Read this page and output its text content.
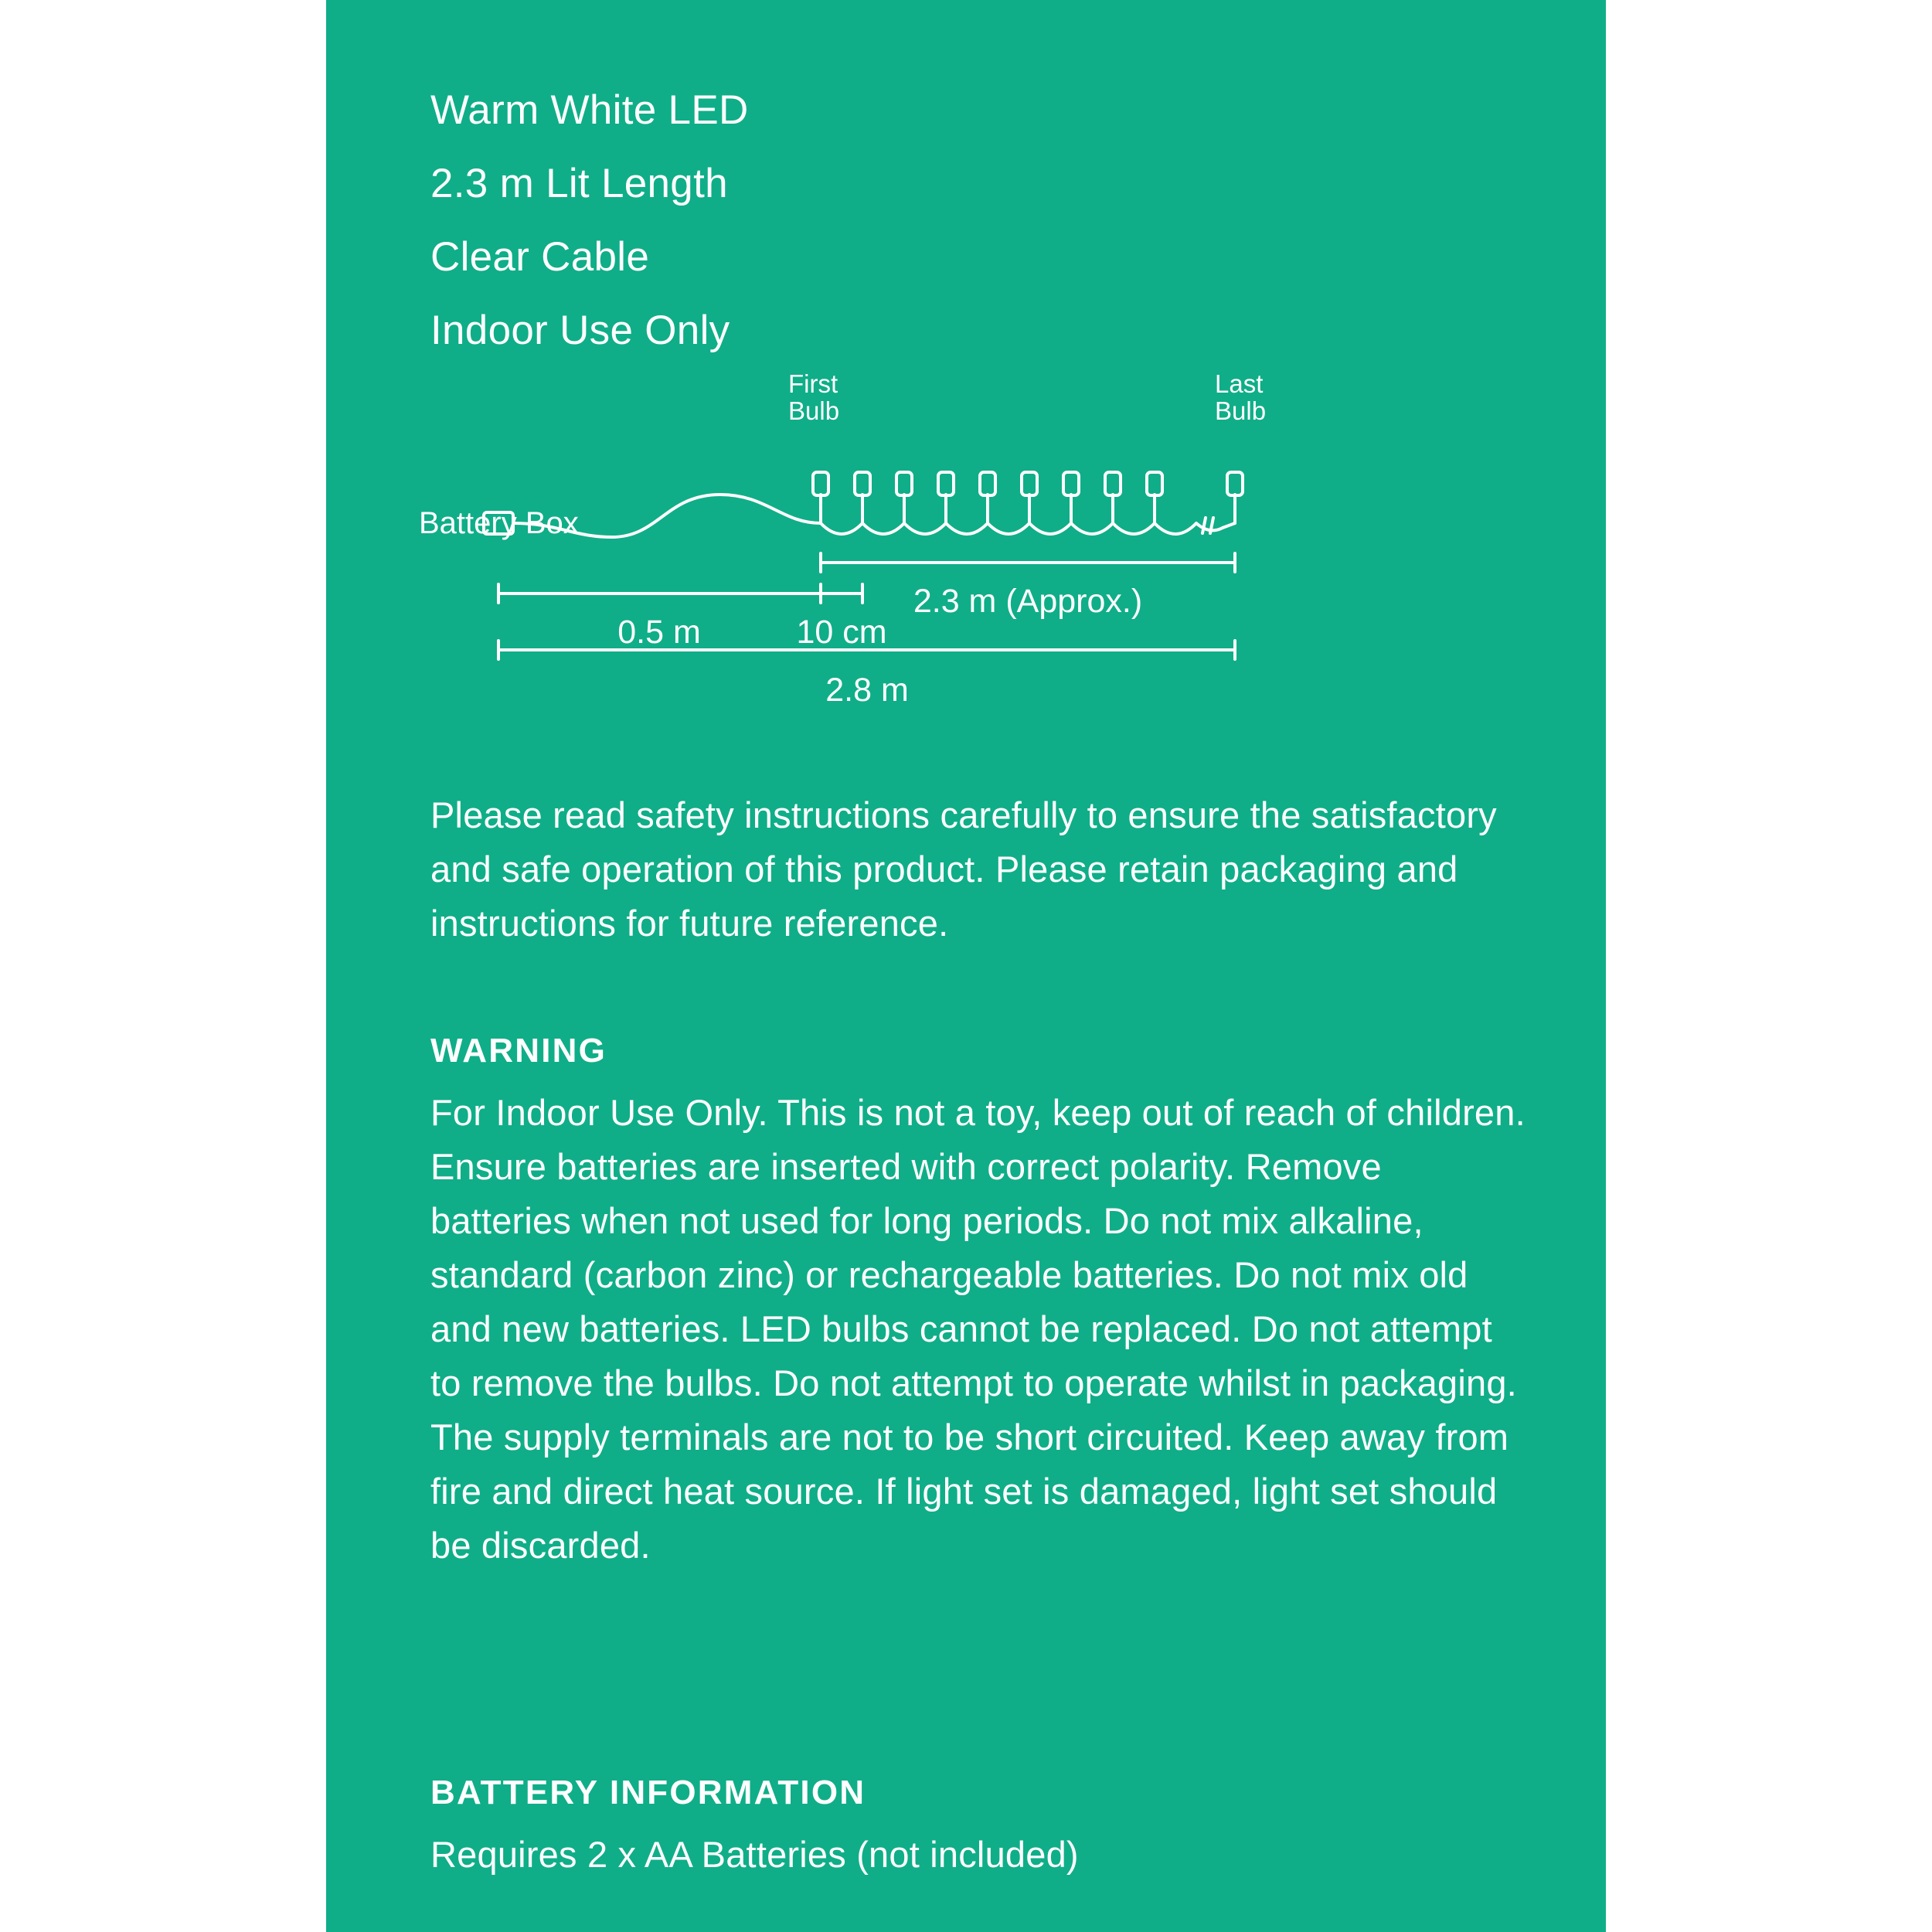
Warm White LED
2.3 m Lit Length
Clear Cable
Indoor Use Only
Battery Box
First
Bulb
Last
Bulb
2.3 m (Approx.)
0.5 m	10 cm
2.8 m
Please read safety instructions carefully to ensure the satisfactory and safe operation of this product. Please retain packaging and instructions for future reference.
WARNING
For Indoor Use Only. This is not a toy, keep out of reach of children. Ensure batteries are inserted with correct polarity. Remove batteries when not used for long periods. Do not mix alkaline, standard (carbon zinc) or rechargeable batteries. Do not mix old and new batteries. LED bulbs cannot be replaced. Do not attempt to remove the bulbs. Do not attempt to operate whilst in packaging. The supply terminals are not to be short circuited. Keep away from fire and direct heat source. If light set is damaged, light set should be discarded.
BATTERY INFORMATION
Requires 2 x AA Batteries (not included)
